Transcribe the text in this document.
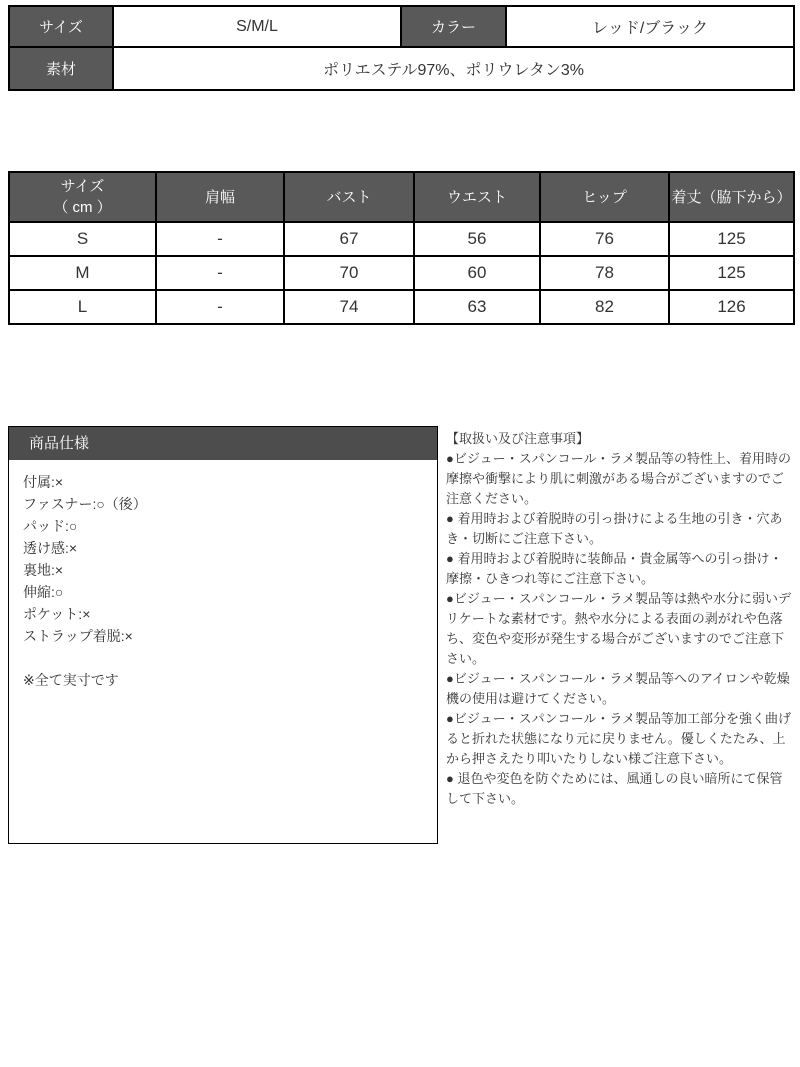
サイズ	S/M/L	カラー	レッド/ブラック
素材	ポリエステル97%、ポリウレタン3%		
サイズ
（ cm ）	肩幅	バスト	ウエスト	ヒップ	着丈（脇下から）
S	-	67	56	76	125
M	-	70	60	78	125
L	-	74	63	82	126
商品仕様
付属:×
ファスナー:○（後）
パッド:○
透け感:×
裏地:×
伸縮:○
ポケット:×
ストラップ着脱:×
※全て実寸です
【取扱い及び注意事項】
●ビジュー・スパンコール・ラメ製品等の特性上、着用時の摩擦や衝撃により肌に刺激がある場合がございますのでご注意ください。
● 着用時および着脱時の引っ掛けによる生地の引き・穴あき・切断にご注意下さい。
● 着用時および着脱時に装飾品・貴金属等への引っ掛け・摩擦・ひきつれ等にご注意下さい。
●ビジュー・スパンコール・ラメ製品等は熱や水分に弱いデリケートな素材です。熱や水分による表面の剥がれや色落ち、変色や変形が発生する場合がございますのでご注意下さい。
●ビジュー・スパンコール・ラメ製品等へのアイロンや乾燥機の使用は避けてください。
●ビジュー・スパンコール・ラメ製品等加工部分を強く曲げると折れた状態になり元に戻りません。優しくたたみ、上から押さえたり叩いたりしない様ご注意下さい。
● 退色や変色を防ぐためには、風通しの良い暗所にて保管して下さい。
